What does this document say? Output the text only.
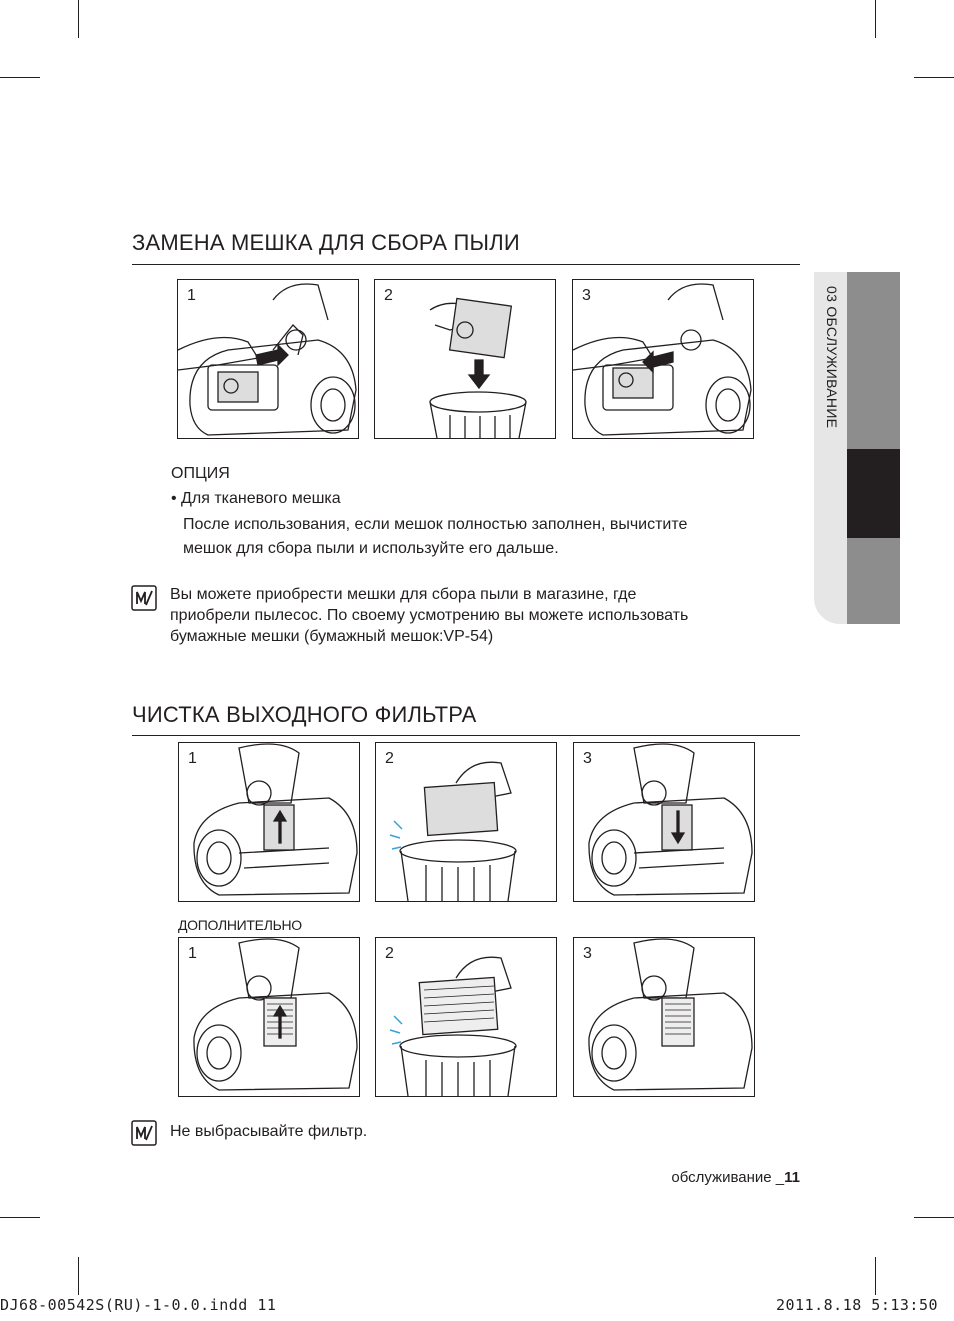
03 ОБСЛУЖИВАНИЕ
ЗАМЕНА МЕШКА ДЛЯ СБОРА ПЫЛИ
1	2	3
ОПЦИЯ
• Для тканевого мешка
После использования, если мешок полностью заполнен, вычистите
мешок для сбора пыли и используйте его дальше.
Вы можете приобрести мешки для сбора пыли в магазине, где
приобрели пылесос. По своему усмотрению вы можете использовать
бумажные мешки (бумажный мешок:VP-54)
ЧИСТКА ВЫХОДНОГО ФИЛЬТРА
1	2	3
ДОПОЛНИТЕЛЬНО
1	2	3
Не выбрасывайте фильтр.
обслуживание _11
DJ68-00542S(RU)-1-0.0.indd 11	2011.8.18 5:13:50
